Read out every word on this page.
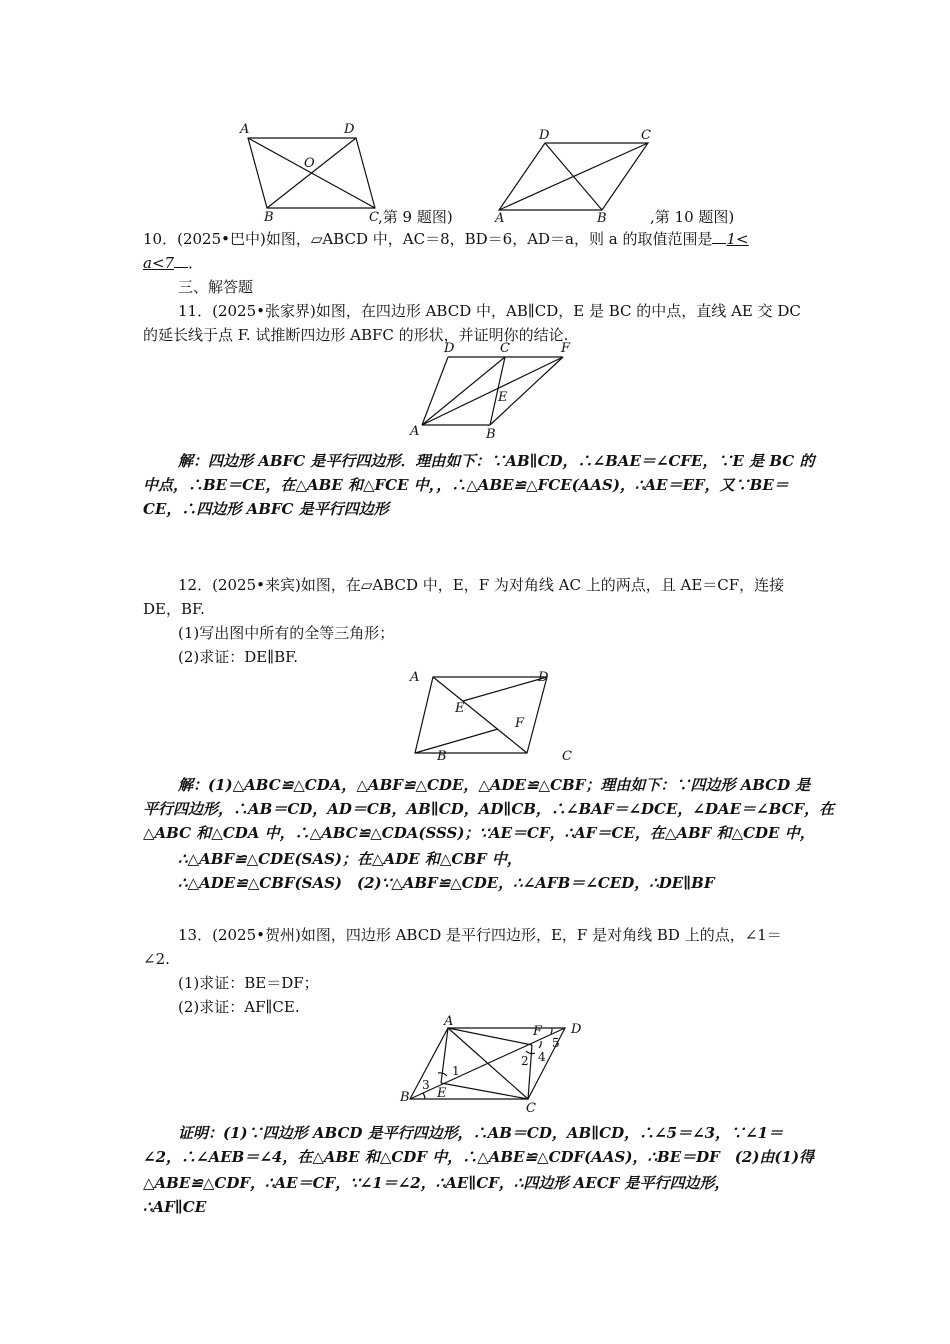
A	D
O
B	C ,第 9 题图)
D	C
A	B	,第 10 题图)
10．(2025•巴中)如图，▱ABCD 中，AC＝8，BD＝6，AD＝a，则 a 的取值范围是 1<
a<7 ．
三、解答题
11．(2025•张家界)如图，在四边形 ABCD 中，AB∥CD，E 是 BC 的中点，直线 AE 交 DC
的延长线于点 F. 试推断四边形 ABFC 的形状，并证明你的结论.
D	C	F
E
A	B
解：四边形 ABFC 是平行四边形．理由如下：∵AB∥CD，∴∠BAE＝∠CFE，∵E 是 BC 的
中点，∴BE＝CE，在△ABE 和△FCE 中，，∴△ABE≌△FCE(AAS)，∴AE＝EF，又∵BE＝
CE，∴四边形 ABFC 是平行四边形
12．(2025•来宾)如图，在▱ABCD 中，E，F 为对角线 AC 上的两点，且 AE＝CF，连接
DE，BF.
(1)写出图中所有的全等三角形；
(2)求证：DE∥BF.
A	D
E
F
B	C
解：(1)△ABC≌△CDA，△ABF≌△CDE，△ADE≌△CBF；理由如下：∵四边形 ABCD 是
平行四边形，∴AB＝CD，AD＝CB，AB∥CD，AD∥CB，∴∠BAF＝∠DCE，∠DAE＝∠BCF，在
△ABC 和△CDA 中，∴△ABC≌△CDA(SSS)；∵AE＝CF，∴AF＝CE，在△ABF 和△CDE 中，
∴△ABF≌△CDE(SAS)；在△ADE 和△CBF 中，
∴△ADE≌△CBF(SAS)　(2)∵△ABF≌△CDE，∴∠AFB＝∠CED，∴DE∥BF
13．(2025•贺州)如图，四边形 ABCD 是平行四边形，E，F 是对角线 BD 上的点，∠1＝
∠2.
(1)求证：BE＝DF；
(2)求证：AF∥CE.
A
F D
B E
C
1
2
3
4
5
证明：(1)∵四边形 ABCD 是平行四边形，∴AB＝CD，AB∥CD，∴∠5＝∠3，∵∠1＝
∠2，∴∠AEB＝∠4，在△ABE 和△CDF 中，∴△ABE≌△CDF(AAS)，∴BE＝DF　(2)由(1)得
△ABE≌△CDF，∴AE＝CF，∵∠1＝∠2，∴AE∥CF，∴四边形 AECF 是平行四边形，
∴AF∥CE
